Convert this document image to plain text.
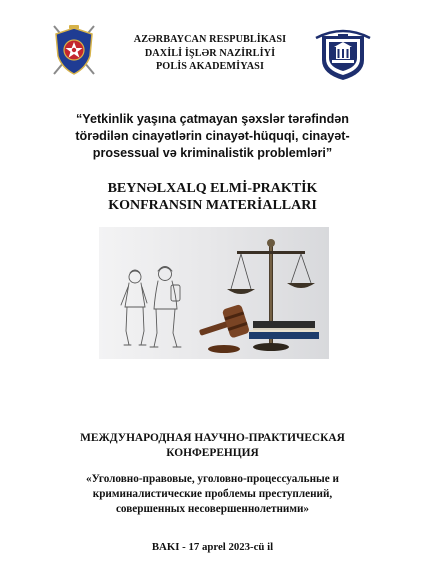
AZƏRBAYCAN RESPUBLİKASI
DAXİLİ İŞLƏR NAZİRLİYİ
POLİS AKADEMİYASI
“Yetkinlik yaşına çatmayan şəxslər tərəfindən
törədilən cinayətlərin cinayət-hüquqi, cinayət-
prosessual və kriminalistik problemləri”
BEYNƏLXALQ ELMİ-PRAKTİK
KONFRANSIN MATERİALLARI
МЕЖДУНАРОДНАЯ НАУЧНО-ПРАКТИЧЕСКАЯ
КОНФЕРЕНЦИЯ
«Уголовно-правовые, уголовно-процессуальные и
криминалистические проблемы преступлений,
совершенных несовершеннолетними»
BAKI - 17 aprel 2023-cü il
